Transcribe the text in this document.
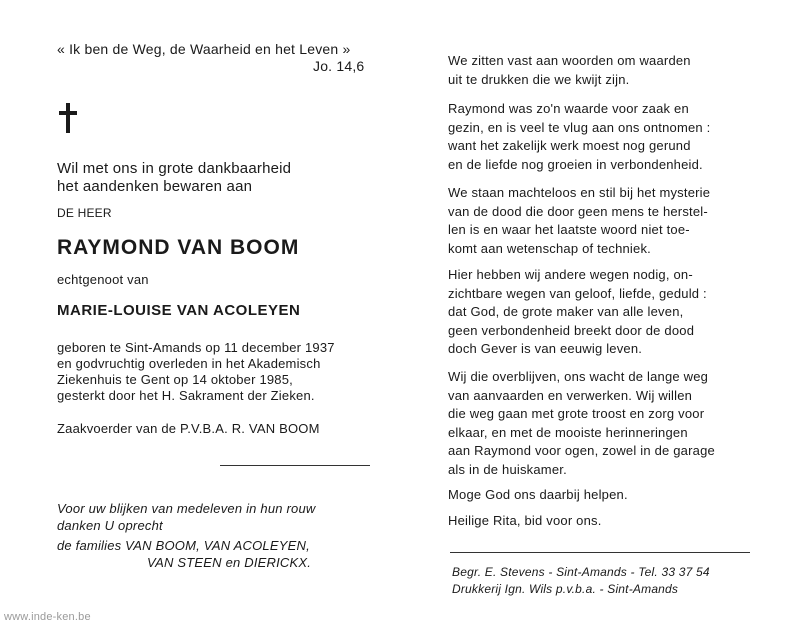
« Ik ben de Weg, de Waarheid en het Leven »
Jo. 14,6
Wil met ons in grote dankbaarheid
het aandenken bewaren aan
DE HEER
RAYMOND VAN BOOM
echtgenoot van
MARIE-LOUISE VAN ACOLEYEN
geboren te Sint-Amands op 11 december 1937
en godvruchtig overleden in het Akademisch
Ziekenhuis te Gent op 14 oktober 1985,
gesterkt door het H. Sakrament der Zieken.
Zaakvoerder van de P.V.B.A. R. VAN BOOM
Voor uw blijken van medeleven in hun rouw
danken U oprecht
de families VAN BOOM, VAN ACOLEYEN,
VAN STEEN en DIERICKX.
We zitten vast aan woorden om waarden
uit te drukken die we kwijt zijn.
Raymond was zo'n waarde voor zaak en
gezin, en is veel te vlug aan ons ontnomen :
want het zakelijk werk moest nog gerund
en de liefde nog groeien in verbondenheid.
We staan machteloos en stil bij het mysterie
van de dood die door geen mens te herstel-
len is en waar het laatste woord niet toe-
komt aan wetenschap of techniek.
Hier hebben wij andere wegen nodig, on-
zichtbare wegen van geloof, liefde, geduld :
dat God, de grote maker van alle leven,
geen verbondenheid breekt door de dood
doch Gever is van eeuwig leven.
Wij die overblijven, ons wacht de lange weg
van aanvaarden en verwerken. Wij willen
die weg gaan met grote troost en zorg voor
elkaar, en met de mooiste herinneringen
aan Raymond voor ogen, zowel in de garage
als in de huiskamer.
Moge God ons daarbij helpen.
Heilige Rita, bid voor ons.
Begr. E. Stevens - Sint-Amands - Tel. 33 37 54
Drukkerij Ign. Wils p.v.b.a. - Sint-Amands
www.inde-ken.be
